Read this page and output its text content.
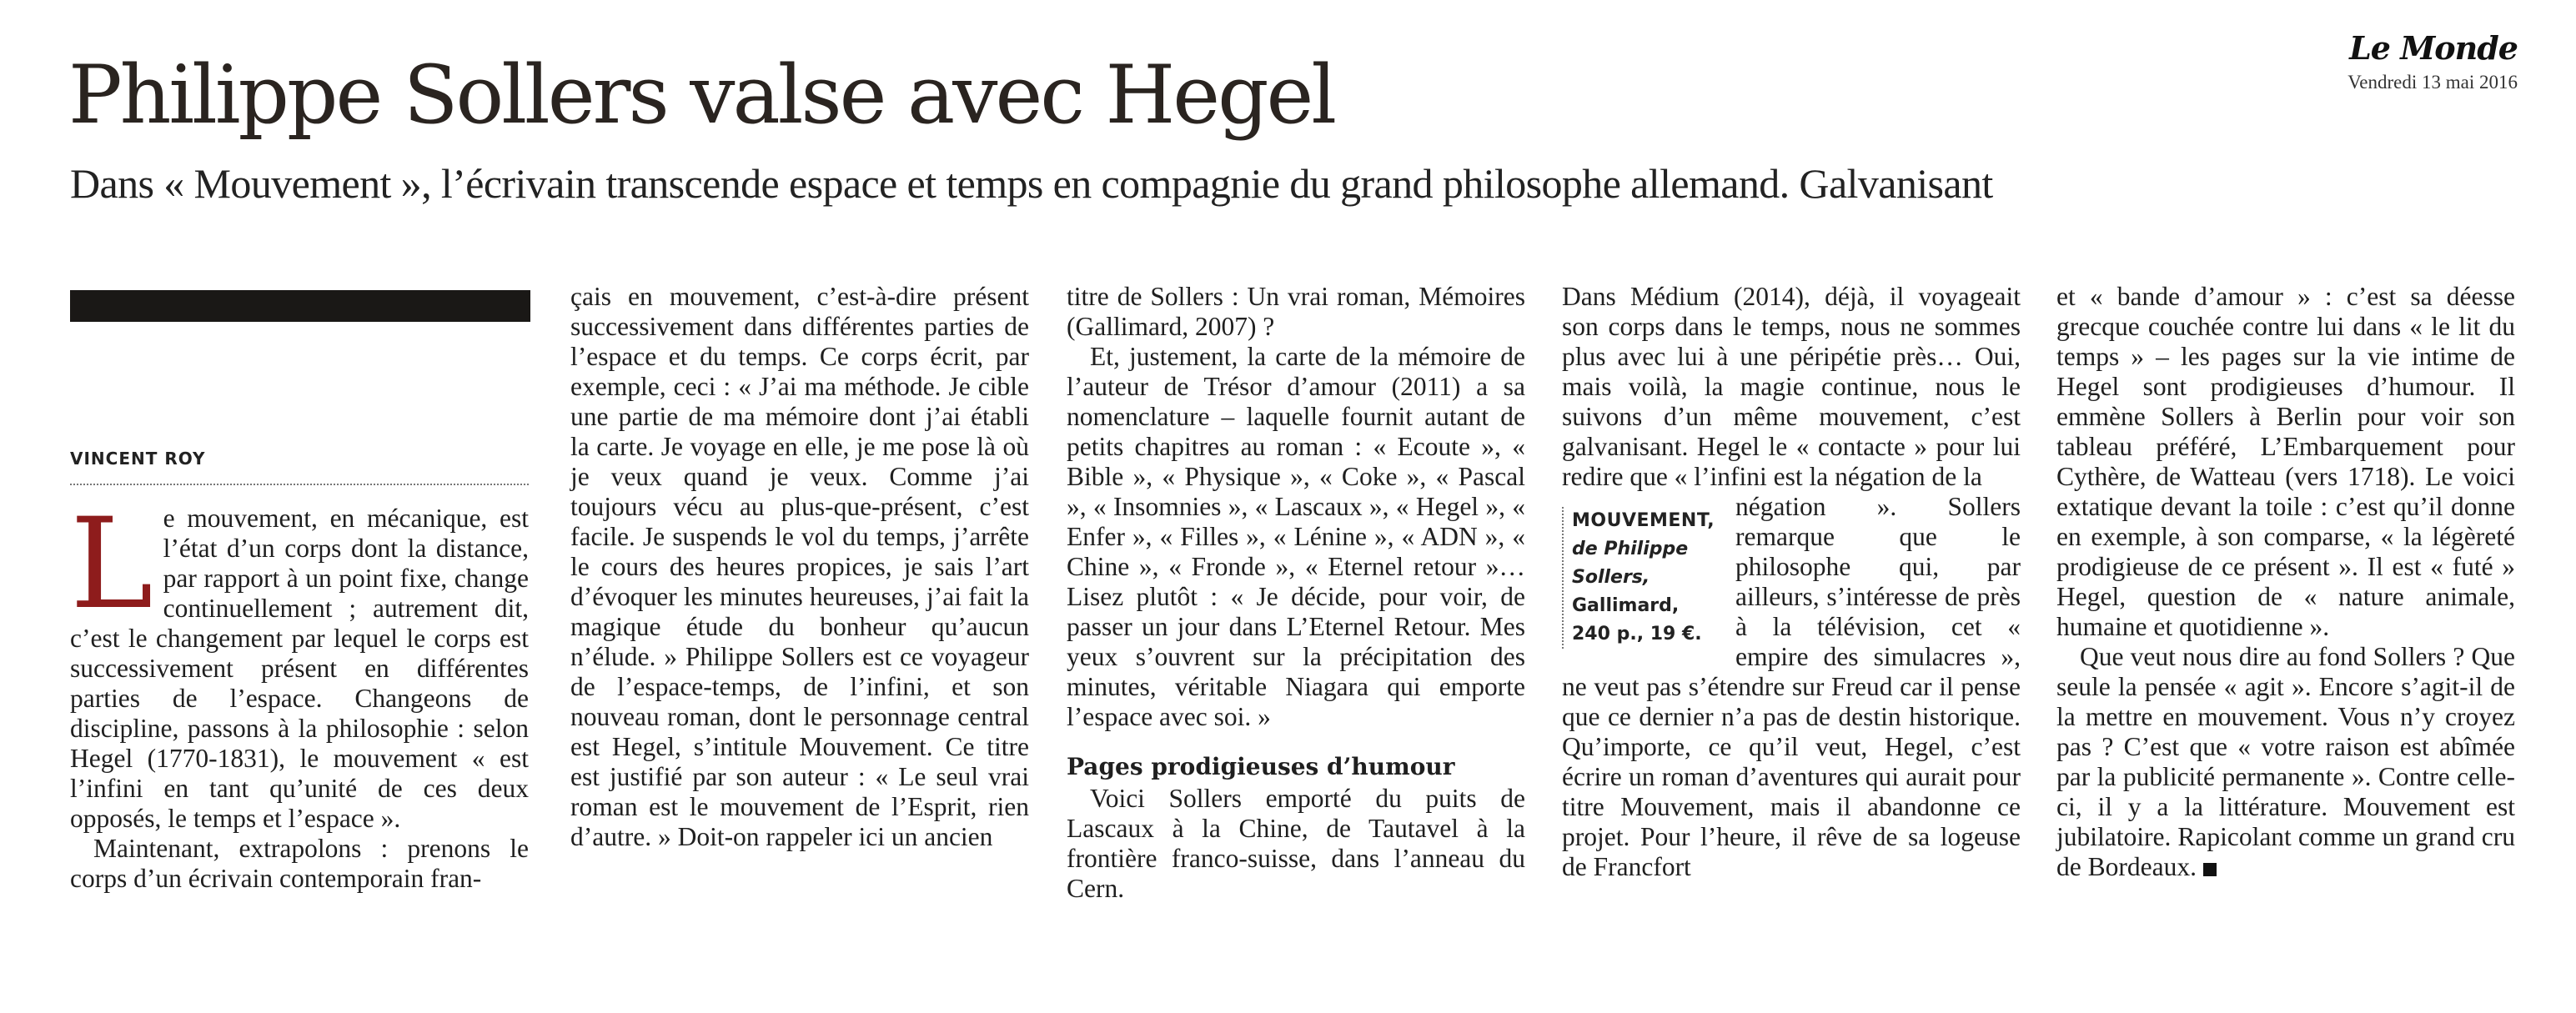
Le Monde
Vendredi 13 mai 2016
Philippe Sollers valse avec Hegel

Dans « Mouvement », l’écrivain transcende espace et temps en compagnie du grand philosophe allemand. Galvanisant

VINCENT ROY

Le mouvement, en mécanique, est l’état d’un corps dont la distance, par rapport à un point fixe, change continuellement ; autrement dit, c’est le changement par lequel le corps est successivement présent en différentes parties de l’espace. Changeons de discipline, passons à la philosophie : selon Hegel (1770-1831), le mouvement « est l’infini en tant qu’unité de ces deux opposés, le temps et l’espace ».

Maintenant, extrapolons : prenons le corps d’un écrivain contemporain fran-

çais en mouvement, c’est-à-dire présent successivement dans différentes parties de l’espace et du temps. Ce corps écrit, par exemple, ceci : « J’ai ma méthode. Je cible une partie de ma mémoire dont j’ai établi la carte. Je voyage en elle, je me pose là où je veux quand je veux. Comme j’ai toujours vécu au plus-que-présent, c’est facile. Je suspends le vol du temps, j’arrête le cours des heures propices, je sais l’art d’évoquer les minutes heureuses, j’ai fait la magique étude du bonheur qu’aucun n’élude. » Philippe Sollers est ce voyageur de l’espace-temps, de l’infini, et son nouveau roman, dont le personnage central est Hegel, s’intitule Mouvement. Ce titre est justifié par son auteur : « Le seul vrai roman est le mouvement de l’Esprit, rien d’autre. » Doit-on rappeler ici un ancien

titre de Sollers : Un vrai roman, Mémoires (Gallimard, 2007) ?

Et, justement, la carte de la mémoire de l’auteur de Trésor d’amour (2011) a sa nomenclature – laquelle fournit autant de petits chapitres au roman : « Ecoute », « Bible », « Physique », « Coke », « Pascal », « Insomnies », « Lascaux », « Hegel », « Enfer », « Filles », « Lénine », « ADN », « Chine », « Fronde », « Eternel retour »… Lisez plutôt : « Je décide, pour voir, de passer un jour dans L’Eternel Retour. Mes yeux s’ouvrent sur la précipitation des minutes, véritable Niagara qui emporte l’espace avec soi. »

Pages prodigieuses d’humour

Voici Sollers emporté du puits de Lascaux à la Chine, de Tautavel à la frontière franco-suisse, dans l’anneau du Cern.

Dans Médium (2014), déjà, il voyageait son corps dans le temps, nous ne sommes plus avec lui à une péripétie près… Oui, mais voilà, la magie continue, nous le suivons d’un même mouvement, c’est galvanisant. Hegel le « contacte » pour lui redire que « l’infini est la négation de la

MOUVEMENT,
de Philippe Sollers,
Gallimard,
240 p., 19 €.

négation ». Sollers remarque que le philosophe qui, par ailleurs, s’intéresse de près à la télévision, cet « empire des simulacres », ne veut pas s’étendre sur Freud car il pense que ce dernier n’a pas de destin historique. Qu’importe, ce qu’il veut, Hegel, c’est écrire un roman d’aventures qui aurait pour titre Mouvement, mais il abandonne ce projet. Pour l’heure, il rêve de sa logeuse de Francfort

et « bande d’amour » : c’est sa déesse grecque couchée contre lui dans « le lit du temps » – les pages sur la vie intime de Hegel sont prodigieuses d’humour. Il emmène Sollers à Berlin pour voir son tableau préféré, L’Embarquement pour Cythère, de Watteau (vers 1718). Le voici extatique devant la toile : c’est qu’il donne en exemple, à son comparse, « la légèreté prodigieuse de ce présent ». Il est « futé » Hegel, question de « nature animale, humaine et quotidienne ».

Que veut nous dire au fond Sollers ? Que seule la pensée « agit ». Encore s’agit-il de la mettre en mouvement. Vous n’y croyez pas ? C’est que « votre raison est abîmée par la publicité permanente ». Contre celle-ci, il y a la littérature. Mouvement est jubilatoire. Rapicolant comme un grand cru de Bordeaux.
